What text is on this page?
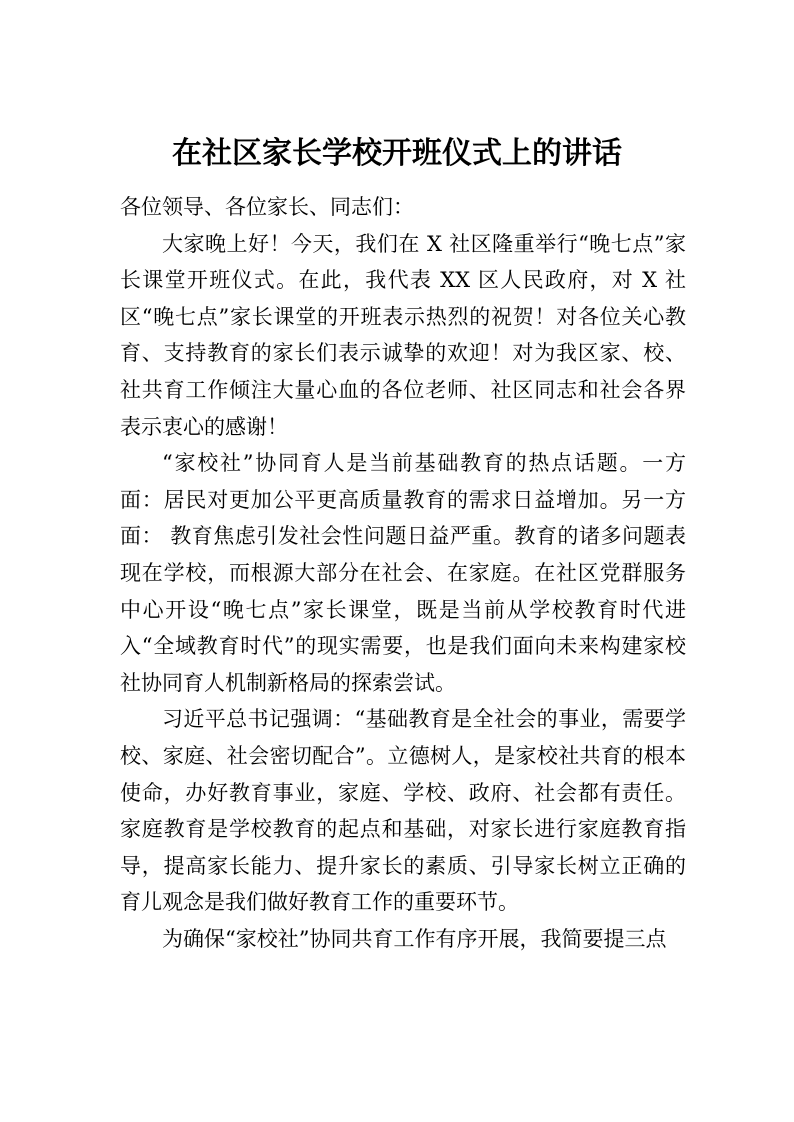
在社区家长学校开班仪式上的讲话

各位领导、各位家长、同志们：

大家晚上好！今天，我们在 X 社区隆重举行“晚七点”家长课堂开班仪式。在此，我代表 XX 区人民政府，对 X 社区“晚七点”家长课堂的开班表示热烈的祝贺！对各位关心教育、支持教育的家长们表示诚挚的欢迎！对为我区家、校、社共育工作倾注大量心血的各位老师、社区同志和社会各界表示衷心的感谢！

“家校社”协同育人是当前基础教育的热点话题。一方面：居民对更加公平更高质量教育的需求日益增加。另一方面： 教育焦虑引发社会性问题日益严重。教育的诸多问题表现在学校，而根源大部分在社会、在家庭。在社区党群服务中心开设“晚七点”家长课堂，既是当前从学校教育时代进入“全域教育时代”的现实需要，也是我们面向未来构建家校社协同育人机制新格局的探索尝试。

习近平总书记强调：“基础教育是全社会的事业，需要学校、家庭、社会密切配合”。立德树人，是家校社共育的根本使命，办好教育事业，家庭、学校、政府、社会都有责任。 家庭教育是学校教育的起点和基础，对家长进行家庭教育指导，提高家长能力、提升家长的素质、引导家长树立正确的育儿观念是我们做好教育工作的重要环节。

为确保“家校社”协同共育工作有序开展，我简要提三点
